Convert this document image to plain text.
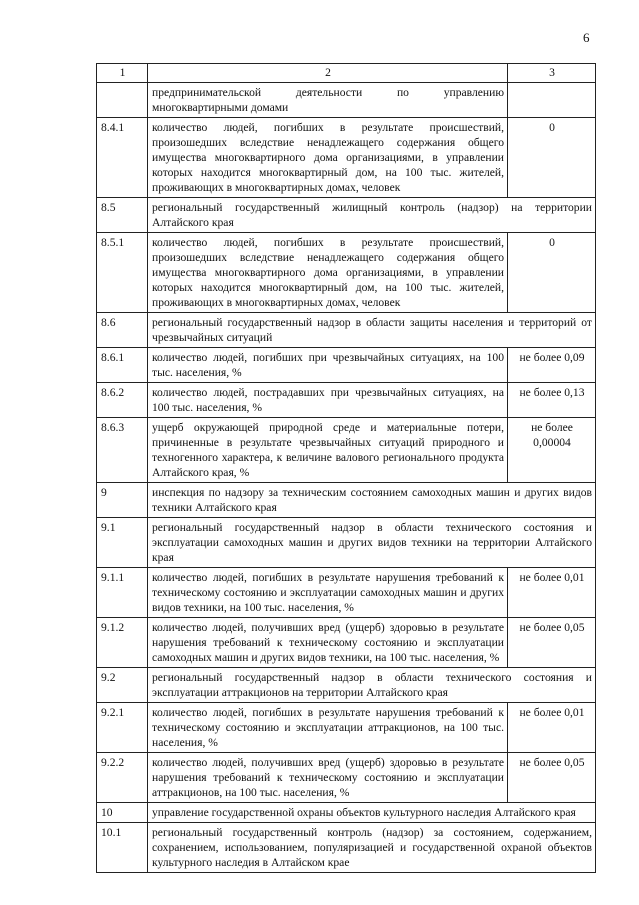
6
1	2	3
	предпринимательской деятельности по управлению многоквартирными домами	
8.4.1	количество людей, погибших в результате происшествий, произошедших вследствие ненадлежащего содержания общего имущества многоквартирного дома организациями, в управлении которых находится многоквартирный дом, на 100 тыс. жителей, проживающих в многоквартирных домах, человек	0
8.5	региональный государственный жилищный контроль (надзор) на территории Алтайского края	
8.5.1	количество людей, погибших в результате происшествий, произошедших вследствие ненадлежащего содержания общего имущества многоквартирного дома организациями, в управлении которых находится многоквартирный дом, на 100 тыс. жителей, проживающих в многоквартирных домах, человек	0
8.6	региональный государственный надзор в области защиты населения и территорий от чрезвычайных ситуаций	
8.6.1	количество людей, погибших при чрезвычайных ситуациях, на 100 тыс. населения, %	не более 0,09
8.6.2	количество людей, пострадавших при чрезвычайных ситуациях, на 100 тыс. населения, %	не более 0,13
8.6.3	ущерб окружающей природной среде и материальные потери, причиненные в результате чрезвычайных ситуаций природного и техногенного характера, к величине валового регионального продукта Алтайского края, %	не более 0,00004
9	инспекция по надзору за техническим состоянием самоходных машин и других видов техники Алтайского края	
9.1	региональный государственный надзор в области технического состояния и эксплуатации самоходных машин и других видов техники на территории Алтайского края	
9.1.1	количество людей, погибших в результате нарушения требований к техническому состоянию и эксплуатации самоходных машин и других видов техники, на 100 тыс. населения, %	не более 0,01
9.1.2	количество людей, получивших вред (ущерб) здоровью в результате нарушения требований к техническому состоянию и эксплуатации самоходных машин и других видов техники, на 100 тыс. населения, %	не более 0,05
9.2	региональный государственный надзор в области технического состояния и эксплуатации аттракционов на территории Алтайского края	
9.2.1	количество людей, погибших в результате нарушения требований к техническому состоянию и эксплуатации аттракционов, на 100 тыс. населения, %	не более 0,01
9.2.2	количество людей, получивших вред (ущерб) здоровью в результате нарушения требований к техническому состоянию и эксплуатации аттракционов, на 100 тыс. населения, %	не более 0,05
10	управление государственной охраны объектов культурного наследия Алтайского края	
10.1	региональный государственный контроль (надзор) за состоянием, содержанием, сохранением, использованием, популяризацией и государственной охраной объектов культурного наследия в Алтайском крае	
